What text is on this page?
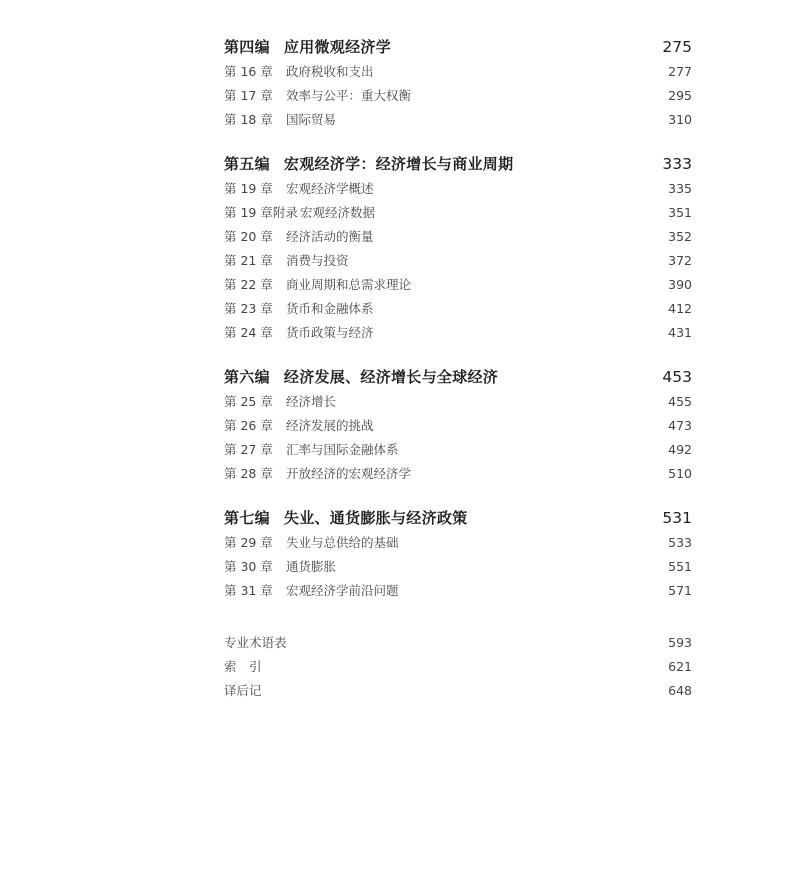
第四编 应用微观经济学	275
第 16 章	政府税收和支出	277
第 17 章	效率与公平：重大权衡	295
第 18 章	国际贸易	310
第五编 宏观经济学：经济增长与商业周期	333
第 19 章	宏观经济学概述	335
第 19 章附录 宏观经济数据	351
第 20 章	经济活动的衡量	352
第 21 章	消费与投资	372
第 22 章	商业周期和总需求理论	390
第 23 章	货币和金融体系	412
第 24 章	货币政策与经济	431
第六编 经济发展、经济增长与全球经济	453
第 25 章	经济增长	455
第 26 章	经济发展的挑战	473
第 27 章	汇率与国际金融体系	492
第 28 章	开放经济的宏观经济学	510
第七编 失业、通货膨胀与经济政策	531
第 29 章	失业与总供给的基础	533
第 30 章	通货膨胀	551
第 31 章	宏观经济学前沿问题	571
专业术语表	593
索　引	621
译后记	648
